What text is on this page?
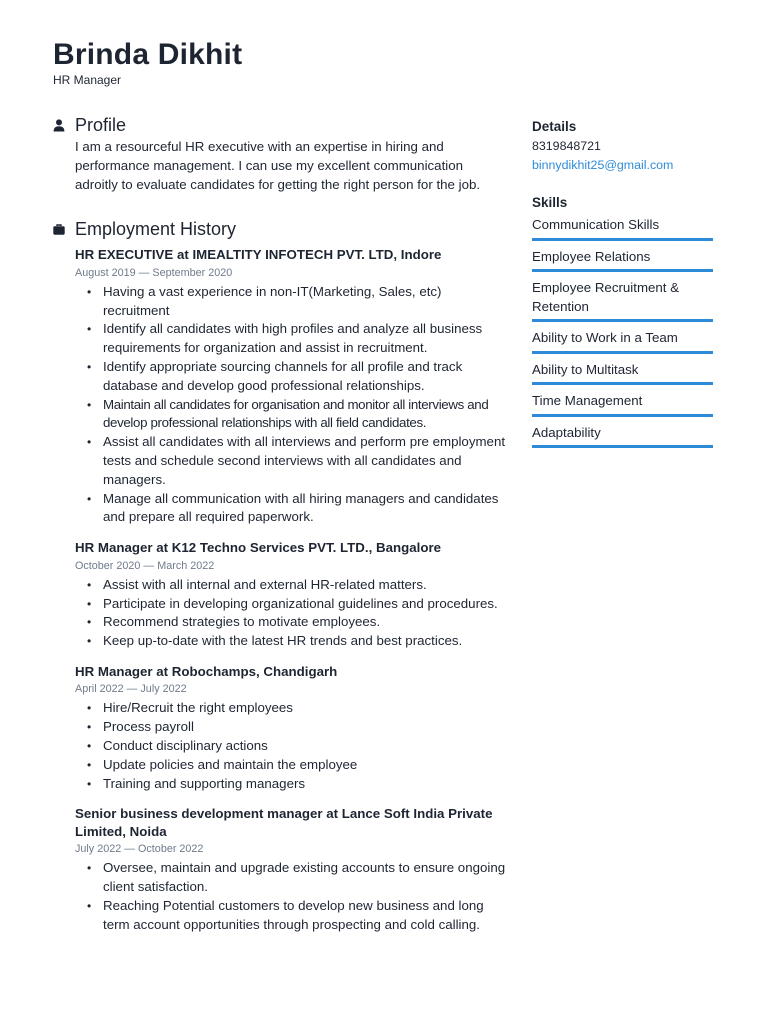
Brinda Dikhit
HR Manager
Profile
I am a resourceful HR executive with an expertise in hiring and performance management. I can use my excellent communication adroitly to evaluate candidates for getting the right person for the job.
Employment History
HR EXECUTIVE at IMEALTITY INFOTECH PVT. LTD, Indore
August 2019 — September 2020
• Having a vast experience in non-IT(Marketing, Sales, etc) recruitment
• Identify all candidates with high profiles and analyze all business requirements for organization and assist in recruitment.
• Identify appropriate sourcing channels for all profile and track database and develop good professional relationships.
• Maintain all candidates for organisation and monitor all interviews and develop professional relationships with all field candidates.
• Assist all candidates with all interviews and perform pre employment tests and schedule second interviews with all candidates and managers.
• Manage all communication with all hiring managers and candidates and prepare all required paperwork.
HR Manager at K12 Techno Services PVT. LTD., Bangalore
October 2020 — March 2022
• Assist with all internal and external HR-related matters.
• Participate in developing organizational guidelines and procedures.
• Recommend strategies to motivate employees.
• Keep up-to-date with the latest HR trends and best practices.
HR Manager at Robochamps, Chandigarh
April 2022 — July 2022
• Hire/Recruit the right employees
• Process payroll
• Conduct disciplinary actions
• Update policies and maintain the employee
• Training and supporting managers
Senior business development manager at Lance Soft India Private Limited, Noida
July 2022 — October 2022
• Oversee, maintain and upgrade existing accounts to ensure ongoing client satisfaction.
• Reaching Potential customers to develop new business and long term account opportunities through prospecting and cold calling.
Details
8319848721
binnydikhit25@gmail.com
Skills
Communication Skills
Employee Relations
Employee Recruitment & Retention
Ability to Work in a Team
Ability to Multitask
Time Management
Adaptability
